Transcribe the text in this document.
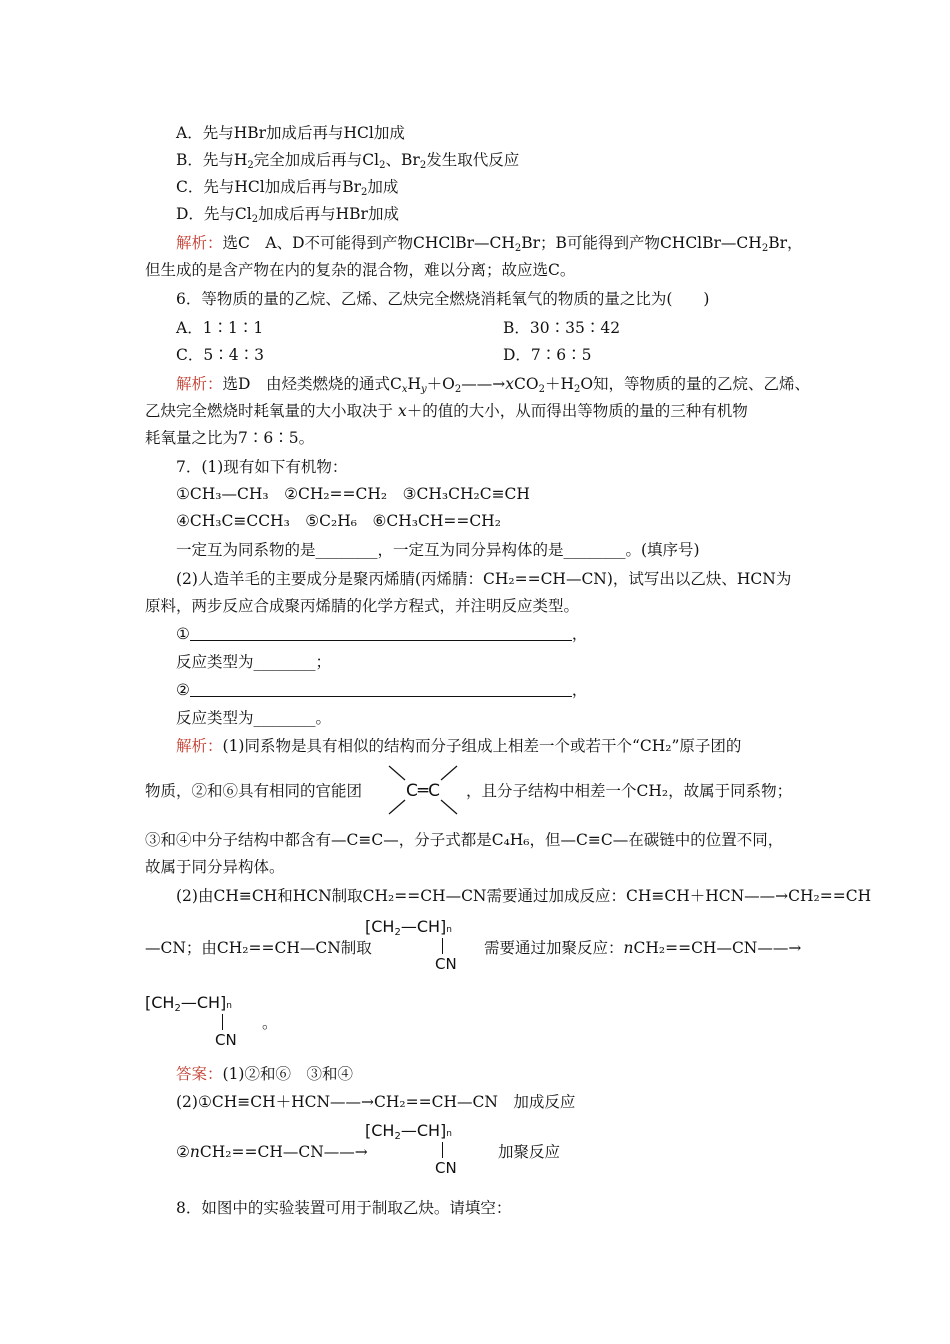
A．先与HBr加成后再与HCl加成
B．先与$H_2$完全加成后再与$Cl_2$、$Br_2$发生取代反应
C．先与HCl加成后再与$Br_2$加成
D．先与$Cl_2$加成后再与HBr加成
解析：选C　A、D不可能得到产物$CHClBr—CH_2Br$；B可能得到产物$CHClBr—CH_2Br$，
但生成的是含产物在内的复杂的混合物，难以分离；故应选C。
6．等物质的量的乙烷、乙烯、乙炔完全燃烧消耗氧气的物质的量之比为(　　)
A．1∶1∶1	B．30∶35∶42
C．5∶4∶3	D．7∶6∶5
解析：选D　由烃类燃烧的通式$C_xH_y+O_2——\to xCO_2+H_2O$知，等物质的量的乙烷、乙烯、
乙炔完全燃烧时耗氧量的大小取决于 x＋的值的大小，从而得出等物质的量的三种有机物
耗氧量之比为7∶6∶5。
7．(1)现有如下有机物：
①CH₃—CH₃　②CH₂==CH₂　③CH₃CH₂C≡CH
④CH₃C≡CCH₃　⑤C₂H₆　⑥CH₃CH==CH₂
一定互为同系物的是________，一定互为同分异构体的是________。(填序号)
(2)人造羊毛的主要成分是聚丙烯腈(丙烯腈：CH₂==CH—CN)，试写出以乙炔、HCN为
原料，两步反应合成聚丙烯腈的化学方程式，并注明反应类型。
①	，
反应类型为________；
②	，
反应类型为________。
解析：(1)同系物是具有相似的结构而分子组成上相差一个或若干个“CH₂”原子团的
物质，②和⑥具有相同的官能团	C═C ，且分子结构中相差一个CH₂，故属于同系物；
③和④中分子结构中都含有—C≡C—，分子式都是C₄H₆，但—C≡C—在碳链中的位置不同，
故属于同分异构体。
(2)由CH≡CH和HCN制取CH₂==CH—CN需要通过加成反应：CH≡CH＋HCN——→CH₂==CH
—CN；由CH₂==CH—CN制取
$[CH_2—CH]n$
CN
需要通过加聚反应：nCH₂==CH—CN——→
$[CH_2—CH]n$
CN
。
答案：(1)②和⑥　③和④
(2)①CH≡CH＋HCN——→CH₂==CH—CN　加成反应
②nCH₂==CH—CN——→
$[CH_2—CH]n$
CN
加聚反应
8．如图中的实验装置可用于制取乙炔。请填空：
